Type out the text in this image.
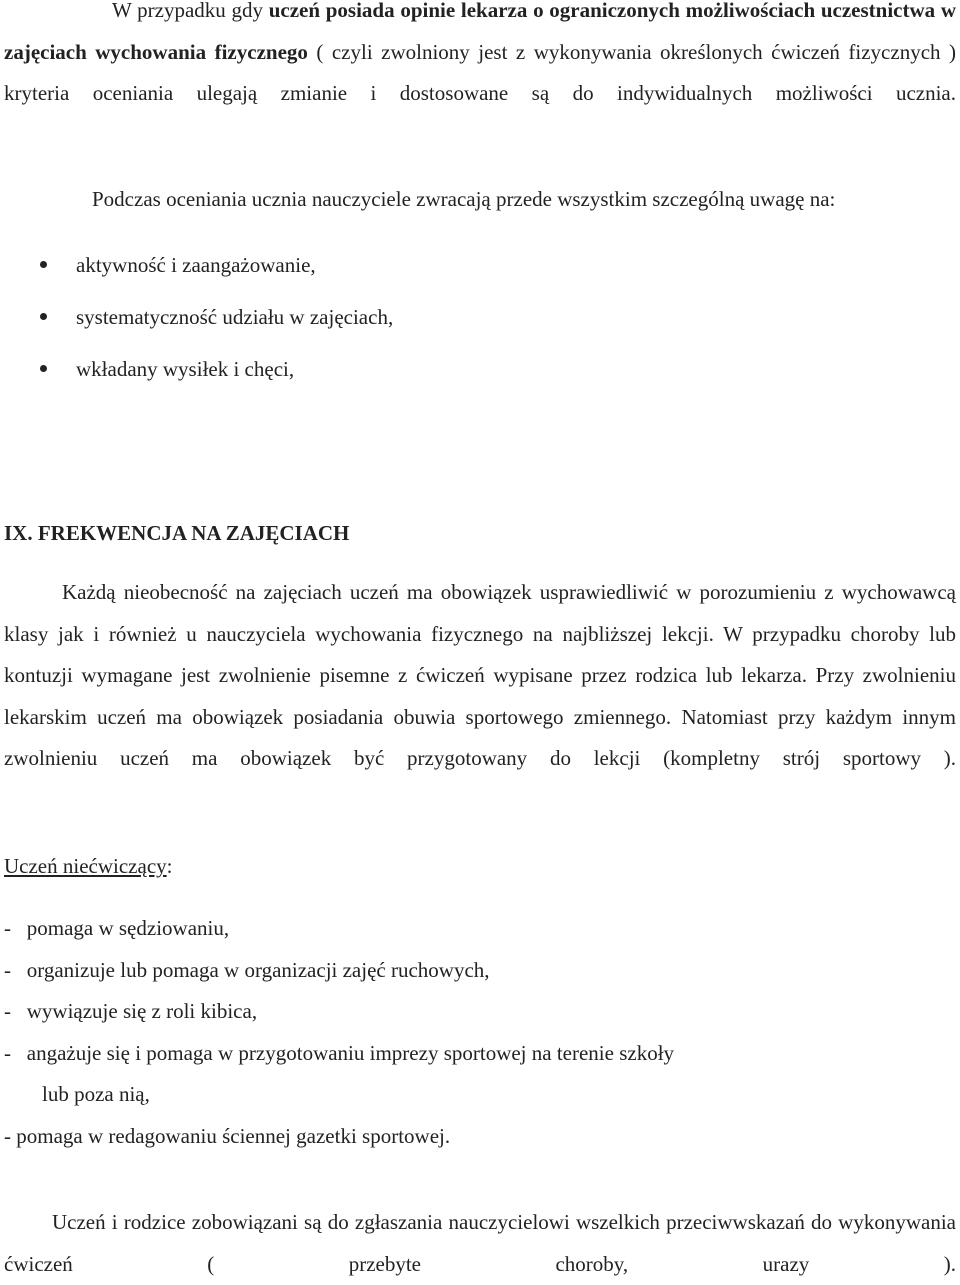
W przypadku gdy uczeń posiada opinie lekarza o ograniczonych możliwościach uczestnictwa w zajęciach wychowania fizycznego ( czyli zwolniony jest z wykonywania określonych ćwiczeń fizycznych ) kryteria oceniania ulegają zmianie i dostosowane są do indywidualnych możliwości ucznia.

Podczas oceniania ucznia nauczyciele zwracają przede wszystkim szczególną uwagę na:

aktywność i zaangażowanie,
systematyczność udziału w zajęciach,
wkładany wysiłek i chęci,
IX. FREKWENCJA NA ZAJĘCIACH

Każdą nieobecność na zajęciach uczeń ma obowiązek usprawiedliwić w porozumieniu z wychowawcą klasy jak i również u nauczyciela wychowania fizycznego na najbliższej lekcji. W przypadku choroby lub kontuzji wymagane jest zwolnienie pisemne z ćwiczeń wypisane przez rodzica lub lekarza. Przy zwolnieniu lekarskim uczeń ma obowiązek posiadania obuwia sportowego zmiennego. Natomiast przy każdym innym zwolnieniu uczeń ma obowiązek być przygotowany do lekcji (kompletny strój sportowy ).

Uczeń niećwiczący:
-   pomaga w sędziowaniu,
-   organizuje lub pomaga w organizacji zajęć ruchowych,
-   wywiązuje się z roli kibica,
-   angażuje się i pomaga w przygotowaniu imprezy sportowej na terenie szkoły
lub poza nią,
- pomaga w redagowaniu ściennej gazetki sportowej.

Uczeń i rodzice zobowiązani są do zgłaszania nauczycielowi wszelkich przeciwwskazań do wykonywania ćwiczeń ( przebyte choroby, urazy ).
